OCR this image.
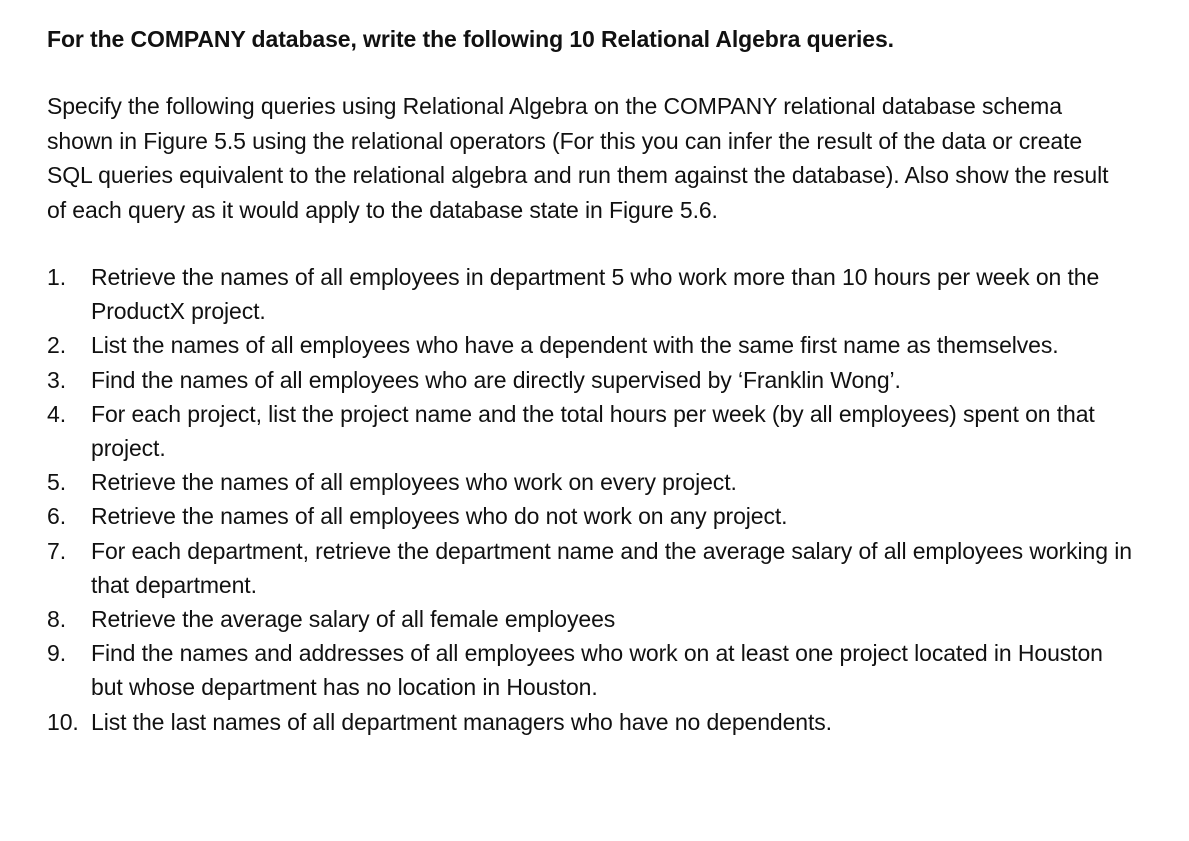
For the COMPANY database, write the following 10 Relational Algebra queries.

Specify the following queries using Relational Algebra on the COMPANY relational database schema shown in Figure 5.5 using the relational operators (For this you can infer the result of the data or create SQL queries equivalent to the relational algebra and run them against the database). Also show the result of each query as it would apply to the database state in Figure 5.6.

1.	Retrieve the names of all employees in department 5 who work more than 10 hours per week on the ProductX project.
2.	List the names of all employees who have a dependent with the same first name as themselves.
3.	Find the names of all employees who are directly supervised by ‘Franklin Wong’.
4.	For each project, list the project name and the total hours per week (by all employees) spent on that project.
5.	Retrieve the names of all employees who work on every project.
6.	Retrieve the names of all employees who do not work on any project.
7.	For each department, retrieve the department name and the average salary of all employees working in that department.
8.	Retrieve the average salary of all female employees
9.	Find the names and addresses of all employees who work on at least one project located in Houston but whose department has no location in Houston.
10. List the last names of all department managers who have no dependents.
